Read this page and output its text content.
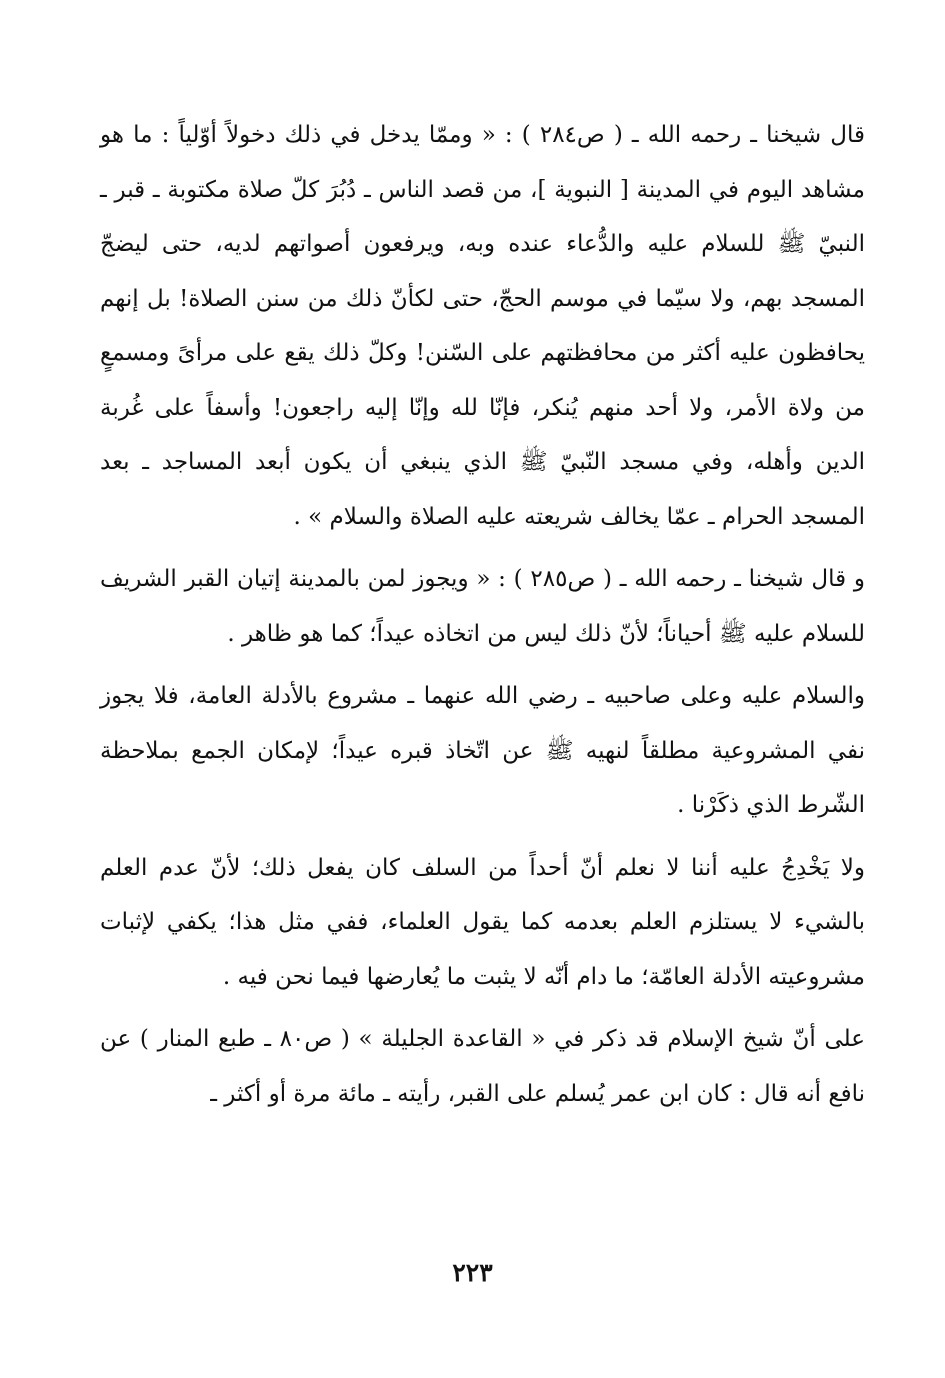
قال شيخنا ـ رحمه الله ـ ( ص٢٨٤ ) : « وممّا يدخل في ذلك دخولاً أوّلياً : ما هو مشاهد اليوم في المدينة [ النبوية ]، من قصد الناس ـ دُبُرَ كلّ صلاة مكتوبة ـ قبر ـ النبيّ ﷺ للسلام عليه والدُّعاء عنده وبه، ويرفعون أصواتهم لديه، حتى ليضجّ المسجد بهم، ولا سيّما في موسم الحجّ، حتى لكأنّ ذلك من سنن الصلاة! بل إنهم يحافظون عليه أكثر من محافظتهم على السّنن! وكلّ ذلك يقع على مرأىً ومسمعٍ من ولاة الأمر، ولا أحد منهم يُنكر، فإنّا لله وإنّا إليه راجعون! وأسفاً على غُربة الدين وأهله، وفي مسجد النّبيّ ﷺ الذي ينبغي أن يكون أبعد المساجد ـ بعد المسجد الحرام ـ عمّا يخالف شريعته عليه الصلاة والسلام » .

و قال شيخنا ـ رحمه الله ـ ( ص٢٨٥ ) : « ويجوز لمن بالمدينة إتيان القبر الشريف للسلام عليه ﷺ أحياناً؛ لأنّ ذلك ليس من اتخاذه عيداً؛ كما هو ظاهر .

والسلام عليه وعلى صاحبيه ـ رضي الله عنهما ـ مشروع بالأدلة العامة، فلا يجوز نفي المشروعية مطلقاً لنهيه ﷺ عن اتّخاذ قبره عيداً؛ لإمكان الجمع بملاحظة الشّرط الذي ذكَرْنا .

ولا يَخْدِجُ عليه أننا لا نعلم أنّ أحداً من السلف كان يفعل ذلك؛ لأنّ عدم العلم بالشيء لا يستلزم العلم بعدمه كما يقول العلماء، ففي مثل هذا؛ يكفي لإثبات مشروعيته الأدلة العامّة؛ ما دام أنّه لا يثبت ما يُعارضها فيما نحن فيه .

على أنّ شيخ الإسلام قد ذكر في « القاعدة الجليلة » ( ص٨٠ ـ طبع المنار ) عن نافع أنه قال : كان ابن عمر يُسلم على القبر، رأيته ـ مائة مرة أو أكثر ـ

٢٢٣
